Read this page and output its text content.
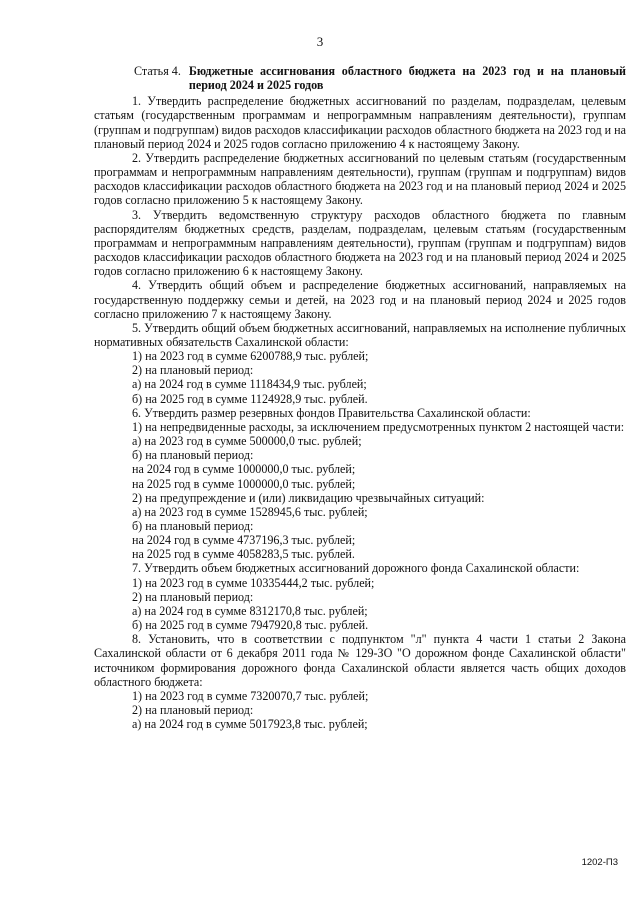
3
Статья 4. Бюджетные ассигнования областного бюджета на 2023 год и на плановый период 2024 и 2025 годов

1. Утвердить распределение бюджетных ассигнований по разделам, подразделам, целевым статьям (государственным программам и непрограммным направлениям деятельности), группам (группам и подгруппам) видов расходов классификации расходов областного бюджета на 2023 год и на плановый период 2024 и 2025 годов согласно приложению 4 к настоящему Закону.

2. Утвердить распределение бюджетных ассигнований по целевым статьям (государственным программам и непрограммным направлениям деятельности), группам (группам и подгруппам) видов расходов классификации расходов областного бюджета на 2023 год и на плановый период 2024 и 2025 годов согласно приложению 5 к настоящему Закону.

3. Утвердить ведомственную структуру расходов областного бюджета по главным распорядителям бюджетных средств, разделам, подразделам, целевым статьям (государственным программам и непрограммным направлениям деятельности), группам (группам и подгруппам) видов расходов классификации расходов областного бюджета на 2023 год и на плановый период 2024 и 2025 годов согласно приложению 6 к настоящему Закону.

4. Утвердить общий объем и распределение бюджетных ассигнований, направляемых на государственную поддержку семьи и детей, на 2023 год и на плановый период 2024 и 2025 годов согласно приложению 7 к настоящему Закону.

5. Утвердить общий объем бюджетных ассигнований, направляемых на исполнение публичных нормативных обязательств Сахалинской области:

1) на 2023 год в сумме 6200788,9 тыс. рублей;

2) на плановый период:

а) на 2024 год в сумме 1118434,9 тыс. рублей;

б) на 2025 год в сумме 1124928,9 тыс. рублей.

6. Утвердить размер резервных фондов Правительства Сахалинской области:

1) на непредвиденные расходы, за исключением предусмотренных пунктом 2 настоящей части:

а) на 2023 год в сумме 500000,0 тыс. рублей;

б) на плановый период:

на 2024 год в сумме 1000000,0 тыс. рублей;

на 2025 год в сумме 1000000,0 тыс. рублей;

2) на предупреждение и (или) ликвидацию чрезвычайных ситуаций:

а) на 2023 год в сумме 1528945,6 тыс. рублей;

б) на плановый период:

на 2024 год в сумме 4737196,3 тыс. рублей;

на 2025 год в сумме 4058283,5 тыс. рублей.

7. Утвердить объем бюджетных ассигнований дорожного фонда Сахалинской области:

1) на 2023 год в сумме 10335444,2 тыс. рублей;

2) на плановый период:

а) на 2024 год в сумме 8312170,8 тыс. рублей;

б) на 2025 год в сумме 7947920,8 тыс. рублей.

8. Установить, что в соответствии с подпунктом "л" пункта 4 части 1 статьи 2 Закона Сахалинской области от 6 декабря 2011 года № 129-ЗО "О дорожном фонде Сахалинской области" источником формирования дорожного фонда Сахалинской области является часть общих доходов областного бюджета:

1) на 2023 год в сумме 7320070,7 тыс. рублей;

2) на плановый период:

а) на 2024 год в сумме 5017923,8 тыс. рублей;

1202-П3
